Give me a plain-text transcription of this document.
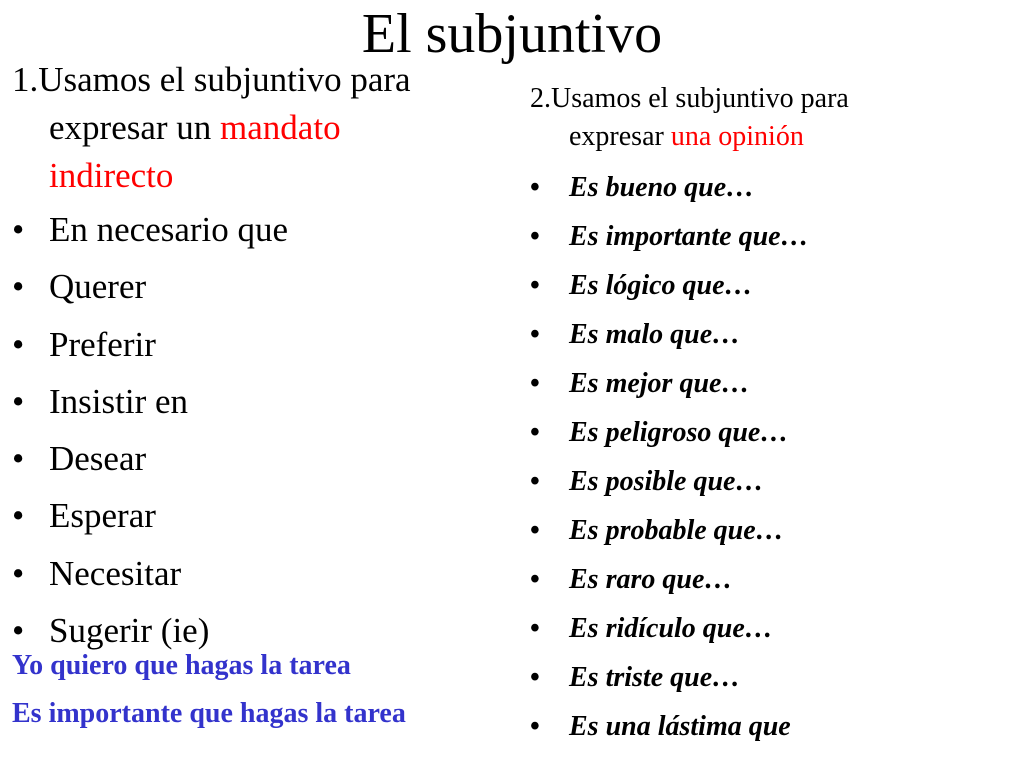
El subjuntivo
1.Usamos el subjuntivo para
expresar un mandato
indirecto
• En necesario que
• Querer
• Preferir
• Insistir en
• Desear
• Esperar
• Necesitar
• Sugerir (ie)
Yo quiero que hagas la tarea
Es importante que hagas la tarea
2.Usamos el subjuntivo para
expresar una opinión
• Es bueno que…
• Es importante que…
• Es lógico que…
• Es malo que…
• Es mejor que…
• Es peligroso que…
• Es posible que…
• Es probable que…
• Es raro que…
• Es ridículo que…
• Es triste que…
• Es una lástima que
